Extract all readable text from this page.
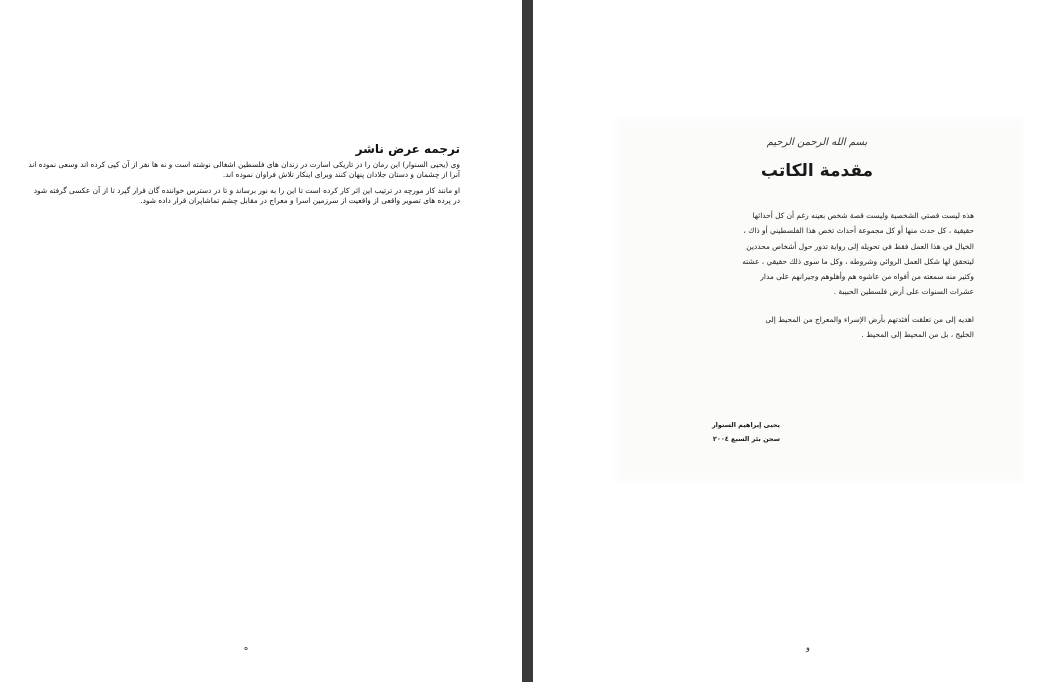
ترجمه عرض ناشر

وی (یحیی السنوار) این رمان را در تاریکی اسارت در زندان های فلسطین اشغالی نوشته است و نه ها نفر از آن کپی کرده اند وسعی نموده اند آنرا از چشمان و دستان جلادان پنهان کنند وبرای اینکار تلاش فراوان نموده اند.

او مانند کار مورچه در ترتیب این اثر کار کرده است تا این را به نور برساند و تا در دسترس خواننده گان قرار گیرد تا از آن عکسی گرفته شود در پرده های تصویر واقعی از واقعیت از سرزمین اسرا و معراج در مقابل چشم تماشاپران قرار داده شود.

ه

بسم الله الرحمن الرحيم

مقدمة الكاتب

هذه ليست قصتي الشخصية وليست قصة شخص بعينه رغم أن كل أحداثها

حقيقية ، كل حدث منها أو كل مجموعة أحداث تخص هذا الفلسطيني أو ذاك ،

الخيال في هذا العمل فقط في تحويله إلى رواية تدور حول أشخاص محددين

ليتحقق لها شكل العمل الروائي وشروطه ، وكل ما سوى ذلك حقيقي ، عشته

وكثير منه سمعته من أفواه من عاشوه هم وأهلوهم وجيرانهم على مدار

عشرات السنوات على أرض فلسطين الحبيبة .

اهديه إلى من تعلقت أفئدتهم بأرض الإسراء والمعراج من المحيط إلى

الخليج ، بل من المحيط إلى المحيط .

يحيى إبراهيم السنوار
سجن بئر السبع ٢٠٠٤
و
